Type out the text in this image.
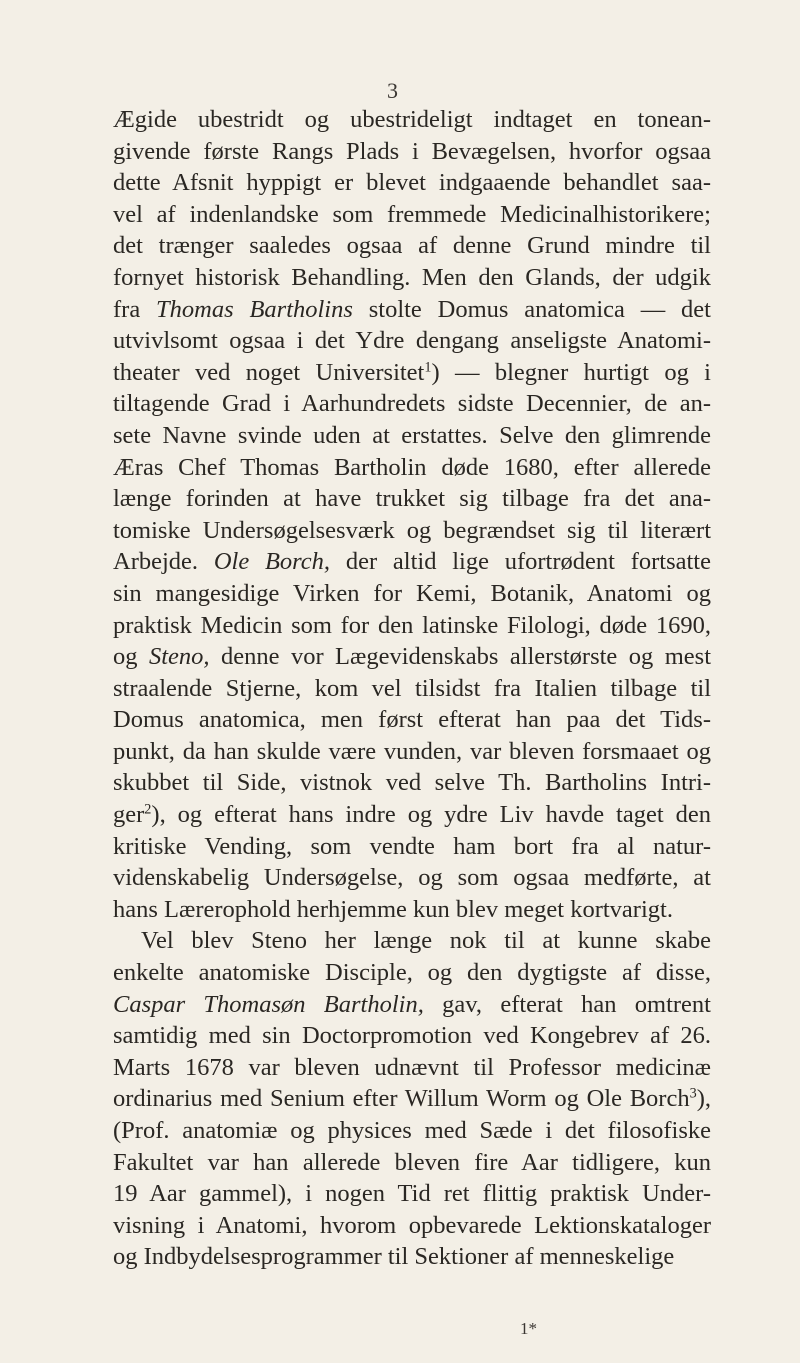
3
Ægide ubestridt og ubestrideligt indtaget en tonean-
givende første Rangs Plads i Bevægelsen, hvorfor ogsaa
dette Afsnit hyppigt er blevet indgaaende behandlet saa-
vel af indenlandske som fremmede Medicinalhistorikere;
det trænger saaledes ogsaa af denne Grund mindre til
fornyet historisk Behandling. Men den Glands, der udgik
fra Thomas Bartholins stolte Domus anatomica — det
utvivlsomt ogsaa i det Ydre dengang anseligste Anatomi-
theater ved noget Universitet$^1$) — blegner hurtigt og i
tiltagende Grad i Aarhundredets sidste Decennier, de an-
sete Navne svinde uden at erstattes. Selve den glimrende
Æras Chef Thomas Bartholin døde 1680, efter allerede
længe forinden at have trukket sig tilbage fra det ana-
tomiske Undersøgelsesværk og begrændset sig til literært
Arbejde. Ole Borch, der altid lige ufortrødent fortsatte
sin mangesidige Virken for Kemi, Botanik, Anatomi og
praktisk Medicin som for den latinske Filologi, døde 1690,
og Steno, denne vor Lægevidenskabs allerstørste og mest
straalende Stjerne, kom vel tilsidst fra Italien tilbage til
Domus anatomica, men først efterat han paa det Tids-
punkt, da han skulde være vunden, var bleven forsmaaet og
skubbet til Side, vistnok ved selve Th. Bartholins Intri-
ger$^2$), og efterat hans indre og ydre Liv havde taget den
kritiske Vending, som vendte ham bort fra al natur-
videnskabelig Undersøgelse, og som ogsaa medførte, at
hans Lærerophold herhjemme kun blev meget kortvarigt.
Vel blev Steno her længe nok til at kunne skabe
enkelte anatomiske Disciple, og den dygtigste af disse,
Caspar Thomasøn Bartholin, gav, efterat han omtrent
samtidig med sin Doctorpromotion ved Kongebrev af 26.
Marts 1678 var bleven udnævnt til Professor medicinæ
ordinarius med Senium efter Willum Worm og Ole Borch$^3$),
(Prof. anatomiæ og physices med Sæde i det filosofiske
Fakultet var han allerede bleven fire Aar tidligere, kun
19 Aar gammel), i nogen Tid ret flittig praktisk Under-
visning i Anatomi, hvorom opbevarede Lektionskataloger
og Indbydelsesprogrammer til Sektioner af menneskelige
1*
